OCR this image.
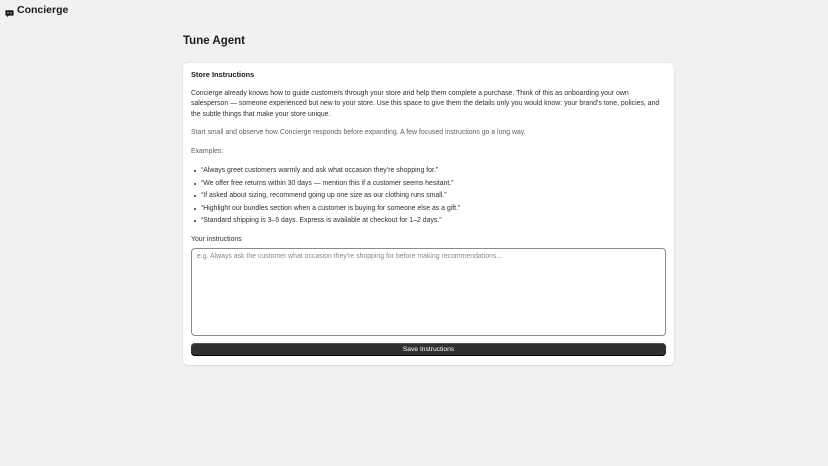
Concierge
Tune Agent
Store Instructions

Concierge already knows how to guide customers through your store and help them complete a purchase. Think of this as onboarding your own salesperson — someone experienced but new to your store. Use this space to give them the details only you would know: your brand's tone, policies, and the subtle things that make your store unique.

Start small and observe how Concierge responds before expanding. A few focused instructions go a long way.

Examples:

“Always greet customers warmly and ask what occasion they’re shopping for.”
“We offer free returns within 30 days — mention this if a customer seems hesitant.”
“If asked about sizing, recommend going up one size as our clothing runs small.”
“Highlight our bundles section when a customer is buying for someone else as a gift.”
“Standard shipping is 3–5 days. Express is available at checkout for 1–2 days.”
Your instructions
e.g. Always ask the customer what occasion they're shopping for before making recommendations...
Save Instructions
